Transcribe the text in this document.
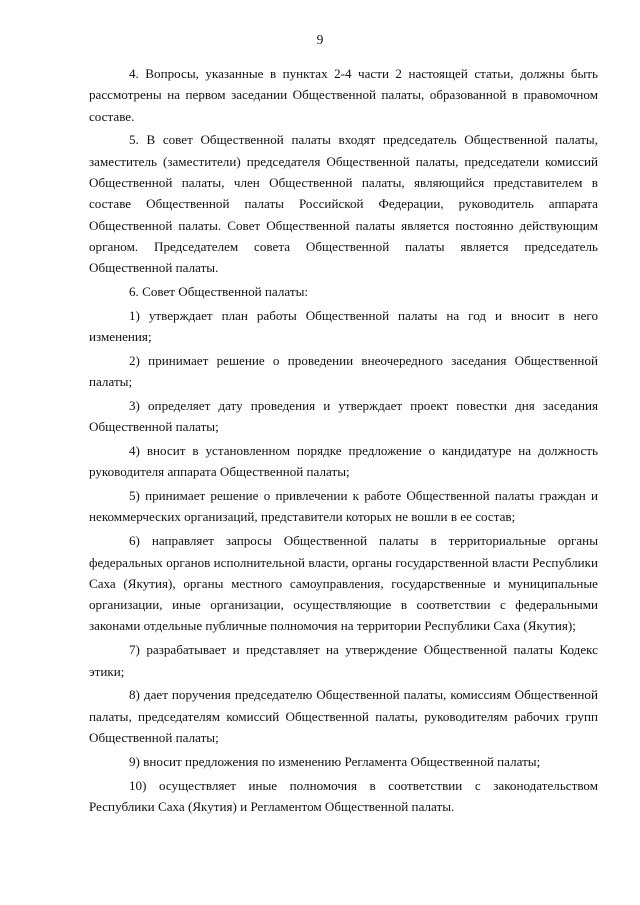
9

4. Вопросы, указанные в пунктах 2-4 части 2 настоящей статьи, должны быть рассмотрены на первом заседании Общественной палаты, образованной в правомочном составе.

5. В совет Общественной палаты входят председатель Общественной палаты, заместитель (заместители) председателя Общественной палаты, председатели комиссий Общественной палаты, член Общественной палаты, являющийся представителем в составе Общественной палаты Российской Федерации, руководитель аппарата Общественной палаты. Совет Общественной палаты является постоянно действующим органом. Председателем совета Общественной палаты является председатель Общественной палаты.

6. Совет Общественной палаты:

1) утверждает план работы Общественной палаты на год и вносит в него изменения;

2) принимает решение о проведении внеочередного заседания Общественной палаты;

3) определяет дату проведения и утверждает проект повестки дня заседания Общественной палаты;

4) вносит в установленном порядке предложение о кандидатуре на должность руководителя аппарата Общественной палаты;

5) принимает решение о привлечении к работе Общественной палаты граждан и некоммерческих организаций, представители которых не вошли в ее состав;

6) направляет запросы Общественной палаты в территориальные органы федеральных органов исполнительной власти, органы государственной власти Республики Саха (Якутия), органы местного самоуправления, государственные и муниципальные организации, иные организации, осуществляющие в соответствии с федеральными законами отдельные публичные полномочия на территории Республики Саха (Якутия);

7) разрабатывает и представляет на утверждение Общественной палаты Кодекс этики;

8) дает поручения председателю Общественной палаты, комиссиям Общественной палаты, председателям комиссий Общественной палаты, руководителям рабочих групп Общественной палаты;

9) вносит предложения по изменению Регламента Общественной палаты;

10) осуществляет иные полномочия в соответствии с законодательством Республики Саха (Якутия) и Регламентом Общественной палаты.
